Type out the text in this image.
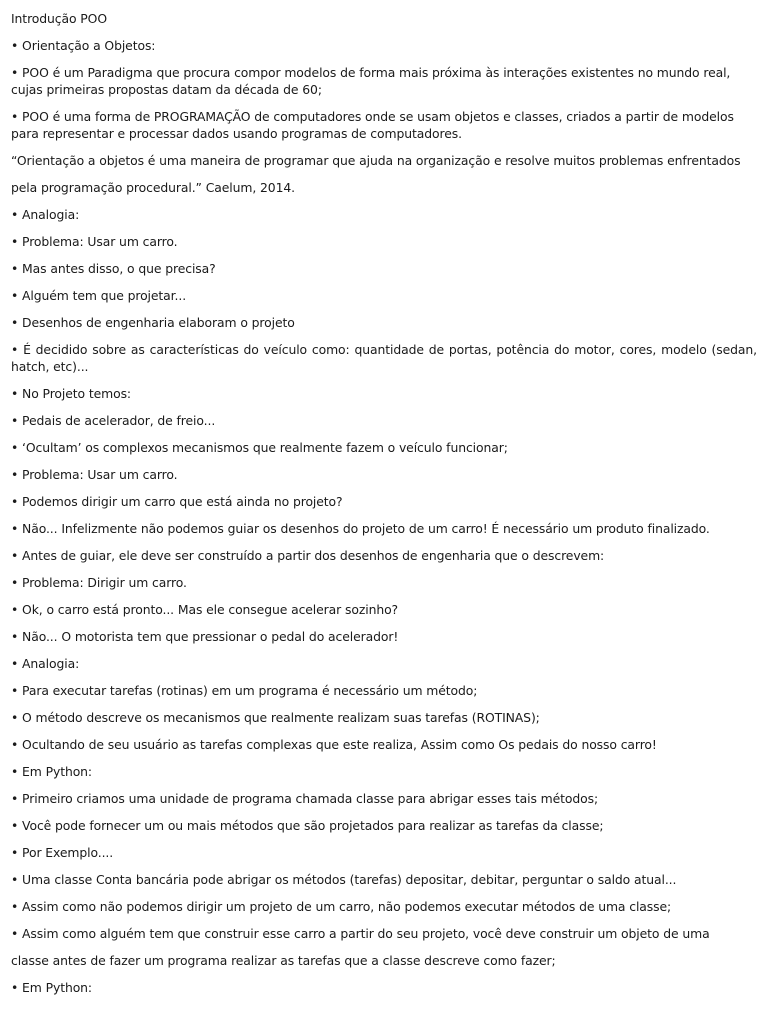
Introdução POO
• Orientação a Objetos:
• POO é um Paradigma que procura compor modelos de forma mais próxima às interações existentes no mundo real, cujas primeiras propostas datam da década de 60;
• POO é uma forma de PROGRAMAÇÃO de computadores onde se usam objetos e classes, criados a partir de modelos para representar e processar dados usando programas de computadores.
“Orientação a objetos é uma maneira de programar que ajuda na organização e resolve muitos problemas enfrentados
pela programação procedural.” Caelum, 2014.
• Analogia:
• Problema: Usar um carro.
• Mas antes disso, o que precisa?
• Alguém tem que projetar...
• Desenhos de engenharia elaboram o projeto
• É decidido sobre as características do veículo como: quantidade de portas, potência do motor, cores, modelo (sedan, hatch, etc)...
• No Projeto temos:
• Pedais de acelerador, de freio...
• ‘Ocultam’ os complexos mecanismos que realmente fazem o veículo funcionar;
• Problema: Usar um carro.
• Podemos dirigir um carro que está ainda no projeto?
• Não... Infelizmente não podemos guiar os desenhos do projeto de um carro! É necessário um produto finalizado.
• Antes de guiar, ele deve ser construído a partir dos desenhos de engenharia que o descrevem:
• Problema: Dirigir um carro.
• Ok, o carro está pronto... Mas ele consegue acelerar sozinho?
• Não... O motorista tem que pressionar o pedal do acelerador!
• Analogia:
• Para executar tarefas (rotinas) em um programa é necessário um método;
• O método descreve os mecanismos que realmente realizam suas tarefas (ROTINAS);
• Ocultando de seu usuário as tarefas complexas que este realiza, Assim como Os pedais do nosso carro!
• Em Python:
• Primeiro criamos uma unidade de programa chamada classe para abrigar esses tais métodos;
• Você pode fornecer um ou mais métodos que são projetados para realizar as tarefas da classe;
• Por Exemplo....
• Uma classe Conta bancária pode abrigar os métodos (tarefas) depositar, debitar, perguntar o saldo atual...
• Assim como não podemos dirigir um projeto de um carro, não podemos executar métodos de uma classe;
• Assim como alguém tem que construir esse carro a partir do seu projeto, você deve construir um objeto de uma
classe antes de fazer um programa realizar as tarefas que a classe descreve como fazer;
• Em Python:
